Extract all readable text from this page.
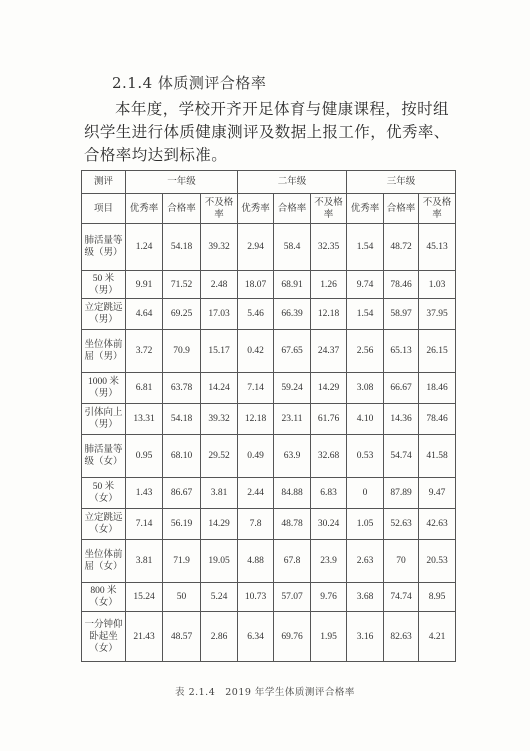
2.1.4 体质测评合格率
本年度，学校开齐开足体育与健康课程，按时组织学生进行体质健康测评及数据上报工作，优秀率、合格率均达到标准。
测评	一年级			二年级			三年级		
项目	优秀率	合格率	不及格率	优秀率	合格率	不及格率	优秀率	合格率	不及格率
肺活量等级（男）	1.24	54.18	39.32	2.94	58.4	32.35	1.54	48.72	45.13
50 米（男）	9.91	71.52	2.48	18.07	68.91	1.26	9.74	78.46	1.03
立定跳远（男）	4.64	69.25	17.03	5.46	66.39	12.18	1.54	58.97	37.95
坐位体前屈（男）	3.72	70.9	15.17	0.42	67.65	24.37	2.56	65.13	26.15
1000 米（男）	6.81	63.78	14.24	7.14	59.24	14.29	3.08	66.67	18.46
引体向上（男）	13.31	54.18	39.32	12.18	23.11	61.76	4.10	14.36	78.46
肺活量等级（女）	0.95	68.10	29.52	0.49	63.9	32.68	0.53	54.74	41.58
50 米（女）	1.43	86.67	3.81	2.44	84.88	6.83	0	87.89	9.47
立定跳远（女）	7.14	56.19	14.29	7.8	48.78	30.24	1.05	52.63	42.63
坐位体前屈（女）	3.81	71.9	19.05	4.88	67.8	23.9	2.63	70	20.53
800 米（女）	15.24	50	5.24	10.73	57.07	9.76	3.68	74.74	8.95
一分钟仰卧起坐（女）	21.43	48.57	2.86	6.34	69.76	1.95	3.16	82.63	4.21
表 2.1.4　2019 年学生体质测评合格率
